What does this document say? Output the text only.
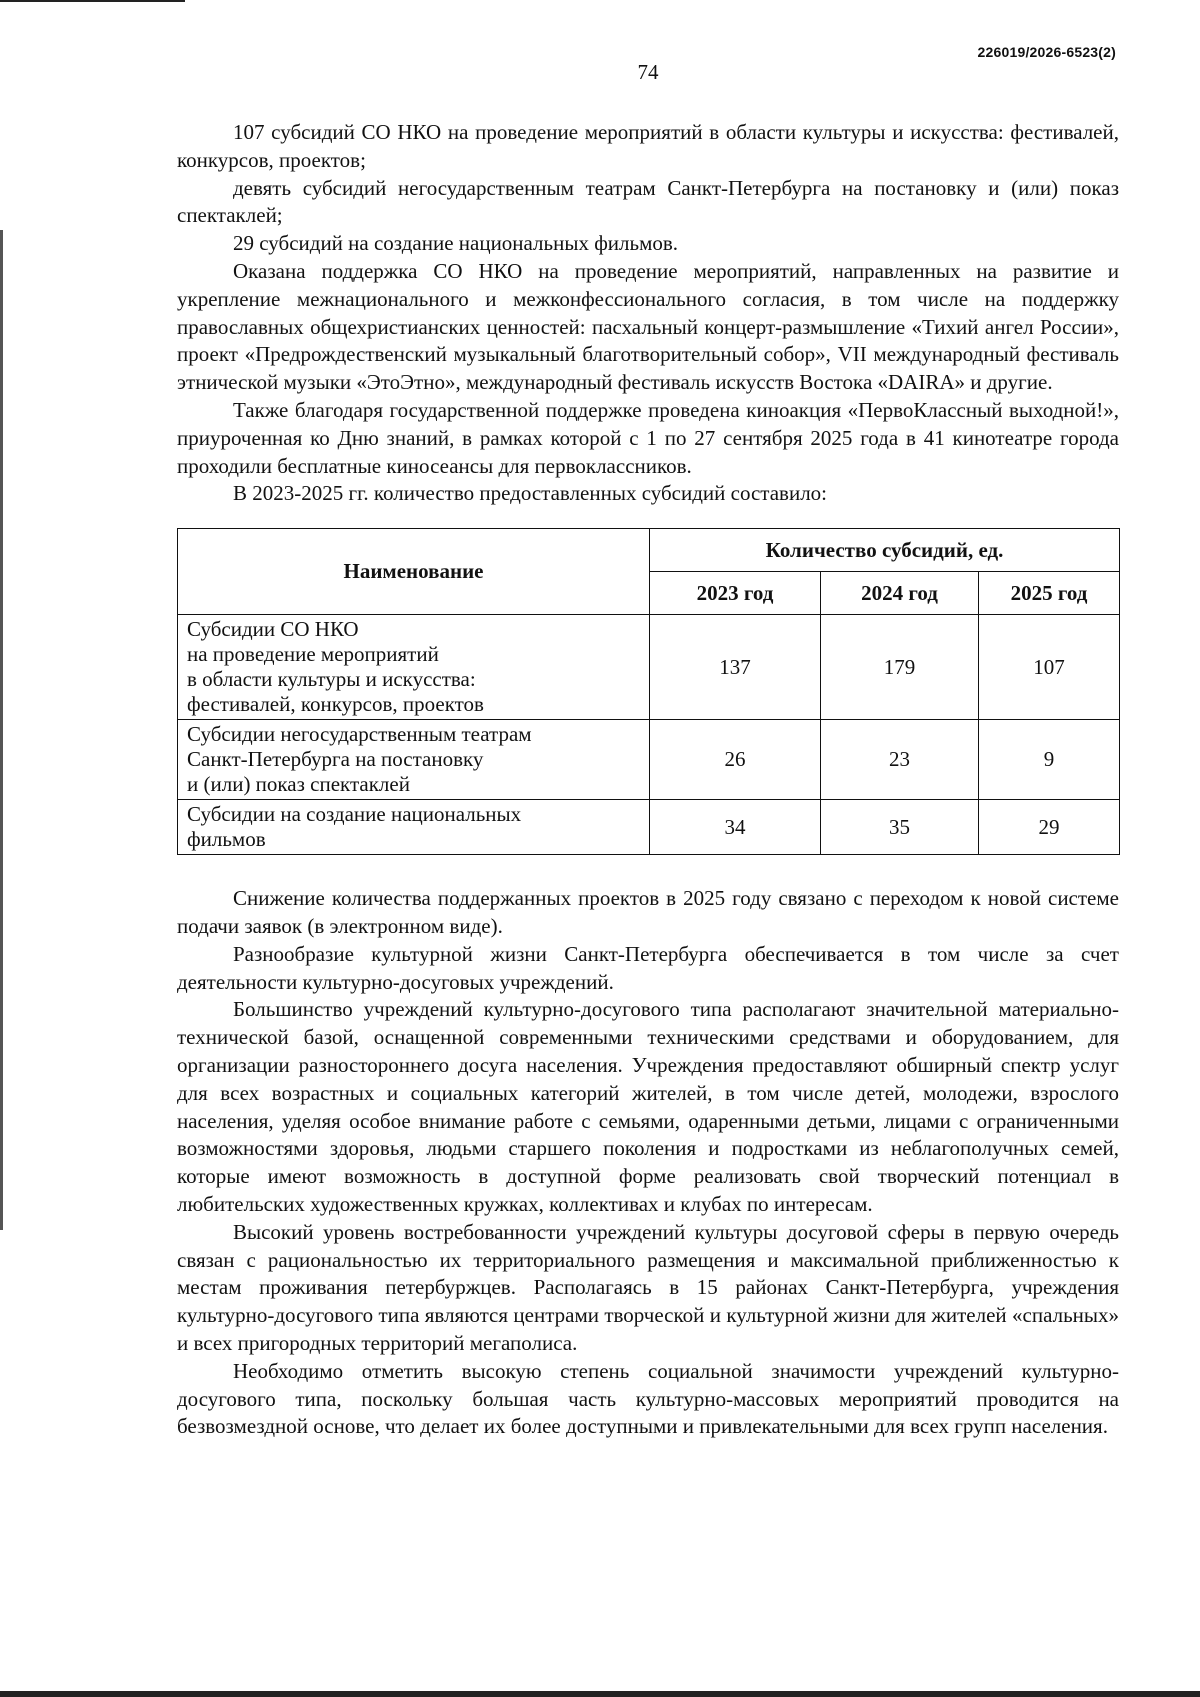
226019/2026-6523(2)
74

107 субсидий СО НКО на проведение мероприятий в области культуры и искусства: фестивалей, конкурсов, проектов;

девять субсидий негосударственным театрам Санкт-Петербурга на постановку и (или) показ спектаклей;

29 субсидий на создание национальных фильмов.

Оказана поддержка СО НКО на проведение мероприятий, направленных на развитие и укрепление межнационального и межконфессионального согласия, в том числе на поддержку православных общехристианских ценностей: пасхальный концерт-размышление «Тихий ангел России», проект «Предрождественский музыкальный благотворительный собор», VII международный фестиваль этнической музыки «ЭтоЭтно», международный фестиваль искусств Востока «DAIRA» и другие.

Также благодаря государственной поддержке проведена киноакция «ПервоКлассный выходной!», приуроченная ко Дню знаний, в рамках которой с 1 по 27 сентября 2025 года в 41 кинотеатре города проходили бесплатные киносеансы для первоклассников.

В 2023-2025 гг. количество предоставленных субсидий составило:

Наименование	Количество субсидий, ед.		
	2023 год	2024 год	2025 год

Субсидии СО НКО
на проведение мероприятий
в области культуры и искусства:
фестивалей, конкурсов, проектов	137	179	107

Субсидии негосударственным театрам
Санкт-Петербурга на постановку
и (или) показ спектаклей	26	23	9

Субсидии на создание национальных
фильмов	34	35	29

Снижение количества поддержанных проектов в 2025 году связано с переходом к новой системе подачи заявок (в электронном виде).

Разнообразие культурной жизни Санкт-Петербурга обеспечивается в том числе за счет деятельности культурно-досуговых учреждений.

Большинство учреждений культурно-досугового типа располагают значительной материально-технической базой, оснащенной современными техническими средствами и оборудованием, для организации разностороннего досуга населения. Учреждения предоставляют обширный спектр услуг для всех возрастных и социальных категорий жителей, в том числе детей, молодежи, взрослого населения, уделяя особое внимание работе с семьями, одаренными детьми, лицами с ограниченными возможностями здоровья, людьми старшего поколения и подростками из неблагополучных семей, которые имеют возможность в доступной форме реализовать свой творческий потенциал в любительских художественных кружках, коллективах и клубах по интересам.

Высокий уровень востребованности учреждений культуры досуговой сферы в первую очередь связан с рациональностью их территориального размещения и максимальной приближенностью к местам проживания петербуржцев. Располагаясь в 15 районах Санкт-Петербурга, учреждения культурно-досугового типа являются центрами творческой и культурной жизни для жителей «спальных» и всех пригородных территорий мегаполиса.

Необходимо отметить высокую степень социальной значимости учреждений культурно-досугового типа, поскольку большая часть культурно-массовых мероприятий проводится на безвозмездной основе, что делает их более доступными и привлекательными для всех групп населения.
